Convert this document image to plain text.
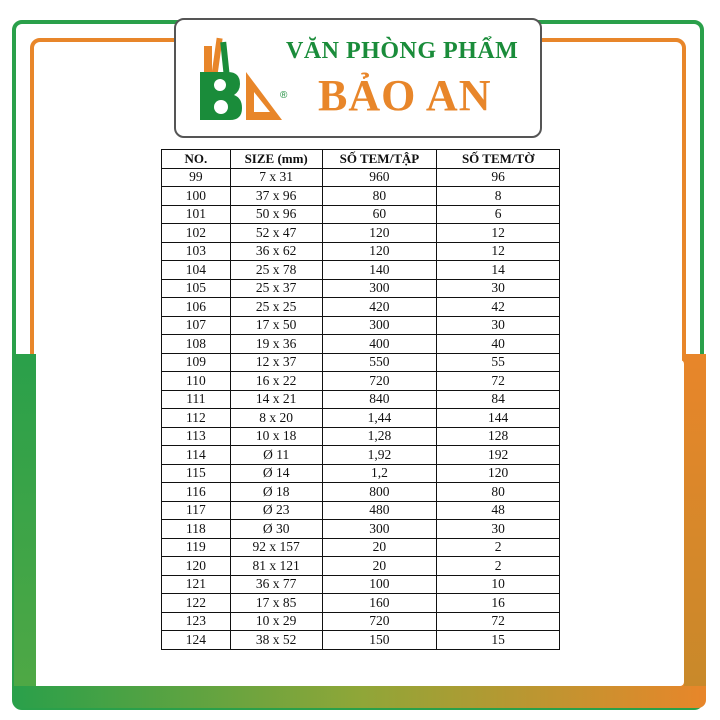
®
VĂN PHÒNG PHẨM
BẢO AN
NO.	SIZE (mm)	SỐ TEM/TẬP	SỐ TEM/TỜ
99	7 x 31	960	96
100	37 x 96	80	8
101	50 x 96	60	6
102	52 x 47	120	12
103	36 x 62	120	12
104	25 x 78	140	14
105	25 x 37	300	30
106	25 x 25	420	42
107	17 x 50	300	30
108	19 x 36	400	40
109	12 x 37	550	55
110	16 x 22	720	72
111	14 x 21	840	84
112	8 x 20	1,44	144
113	10 x 18	1,28	128
114	Ø 11	1,92	192
115	Ø 14	1,2	120
116	Ø 18	800	80
117	Ø 23	480	48
118	Ø 30	300	30
119	92 x 157	20	2
120	81 x 121	20	2
121	36 x 77	100	10
122	17 x 85	160	16
123	10 x 29	720	72
124	38 x 52	150	15
